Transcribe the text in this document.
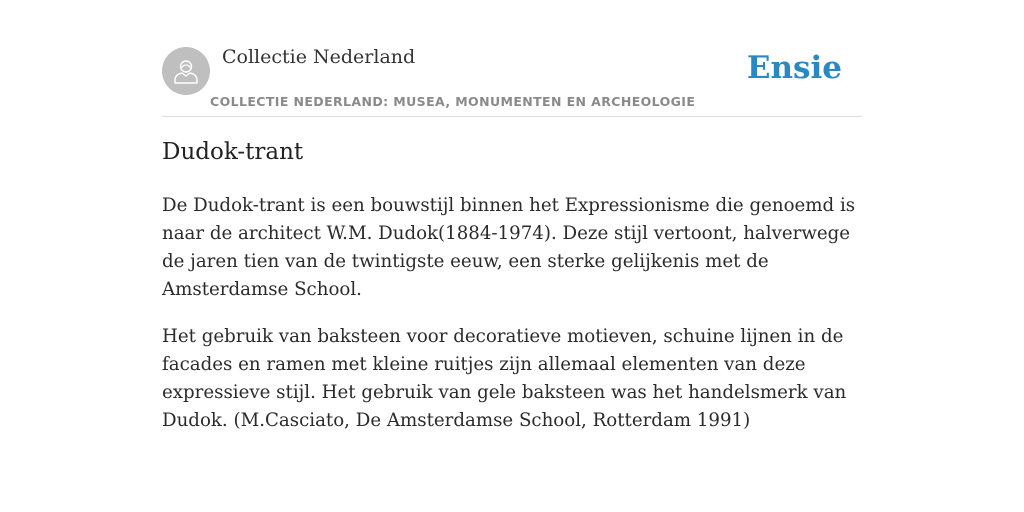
Collectie Nederland
COLLECTIE NEDERLAND: MUSEA, MONUMENTEN EN ARCHEOLOGIE
Ensie
Dudok-trant

De Dudok-trant is een bouwstijl binnen het Expressionisme die genoemd is naar de architect W.M. Dudok(1884-1974). Deze stijl vertoont, halverwege de jaren tien van de twintigste eeuw, een sterke gelijkenis met de Amsterdamse School.

Het gebruik van baksteen voor decoratieve motieven, schuine lijnen in de facades en ramen met kleine ruitjes zijn allemaal elementen van deze expressieve stijl. Het gebruik van gele baksteen was het handelsmerk van Dudok. (M.Casciato, De Amsterdamse School, Rotterdam 1991)
